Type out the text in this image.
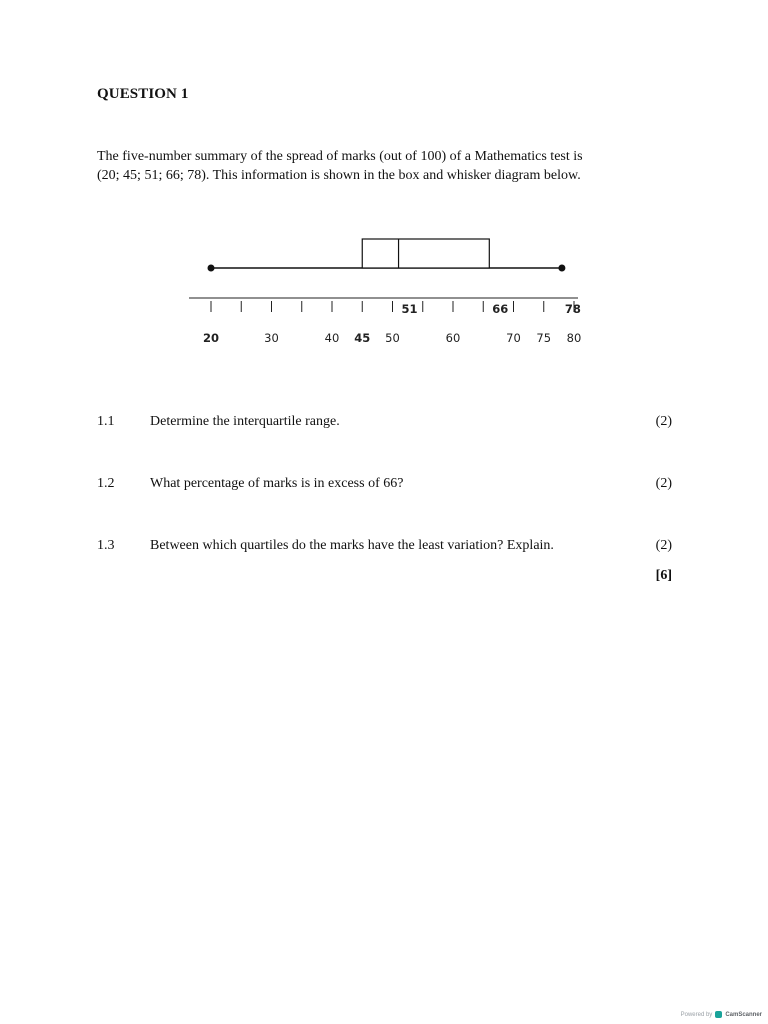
QUESTION 1

The five-number summary of the spread of marks (out of 100) of a Mathematics test is

(20; 45; 51; 66; 78). This information is shown in the box and whisker diagram below.

51	66	78
20	30	40 45 50	60	70 75 80
1.1	Determine the interquartile range.	(2)
1.2	What percentage of marks is in excess of 66?	(2)
1.3	Between which quartiles do the marks have the least variation? Explain.	(2)
[6]
Powered by CamScanner
